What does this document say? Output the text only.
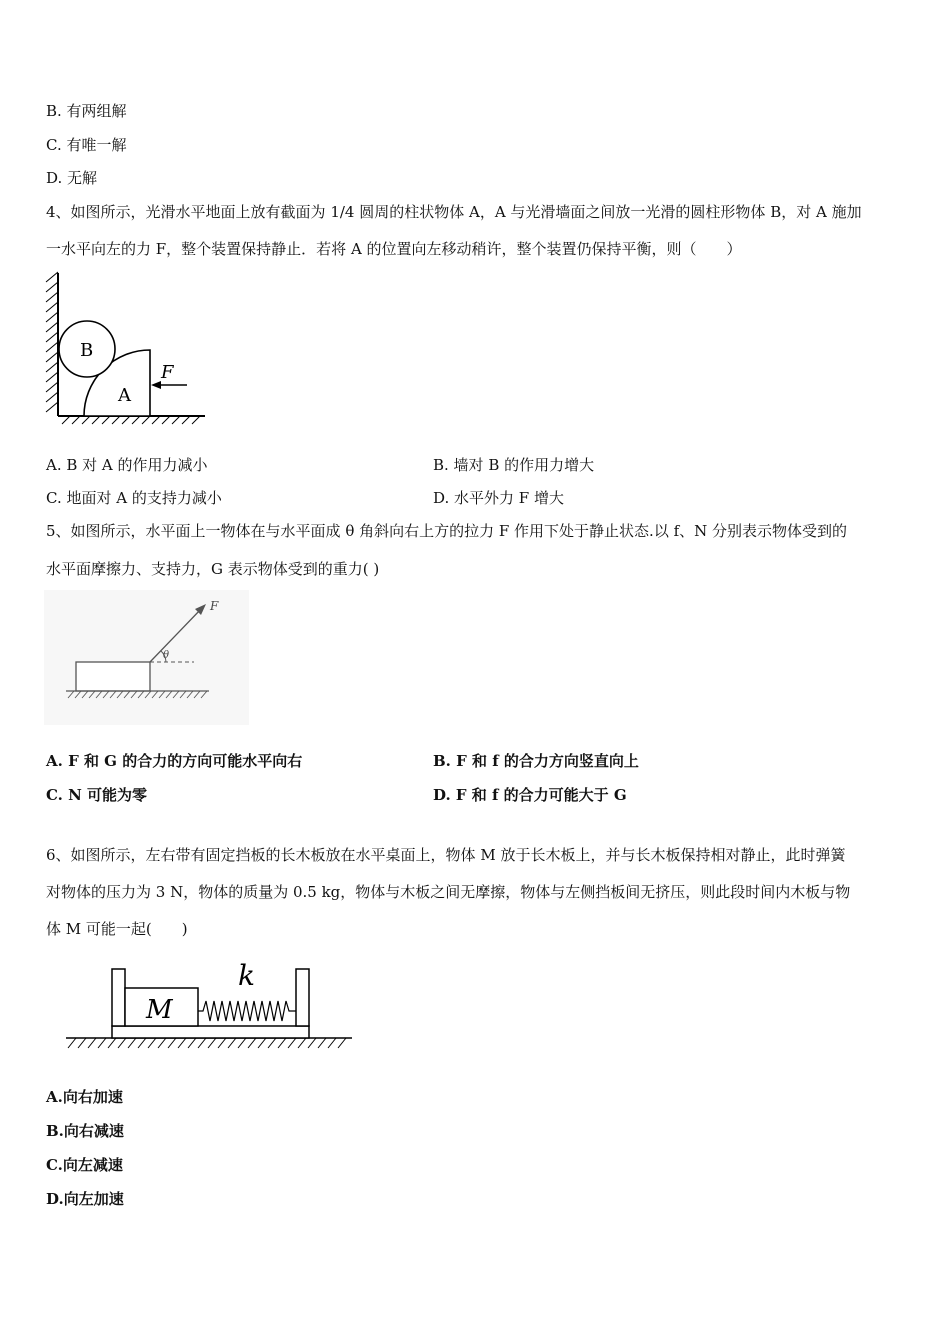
B. 有两组解
C. 有唯一解
D. 无解
4、如图所示，光滑水平地面上放有截面为 1/4 圆周的柱状物体 A，A 与光滑墙面之间放一光滑的圆柱形物体 B，对 A 施加
一水平向左的力 F，整个装置保持静止．若将 A 的位置向左移动稍许，整个装置仍保持平衡，则（　　）
B
A
F
A. B 对 A 的作用力减小	B. 墙对 B 的作用力增大
C. 地面对 A 的支持力减小	D. 水平外力 F 增大
5、如图所示，水平面上一物体在与水平面成 θ 角斜向右上方的拉力 F 作用下处于静止状态.以 f、N 分别表示物体受到的
水平面摩擦力、支持力，G 表示物体受到的重力( )
F
θ
A. F 和 G 的合力的方向可能水平向右	B. F 和 f 的合力方向竖直向上
C. N 可能为零	D. F 和 f 的合力可能大于 G
6、如图所示，左右带有固定挡板的长木板放在水平桌面上，物体 M 放于长木板上，并与长木板保持相对静止，此时弹簧
对物体的压力为 3 N，物体的质量为 0.5 kg，物体与木板之间无摩擦，物体与左侧挡板间无挤压，则此段时间内木板与物
体 M 可能一起(　　)
M
k
A.向右加速
B.向右减速
C.向左减速
D.向左加速
